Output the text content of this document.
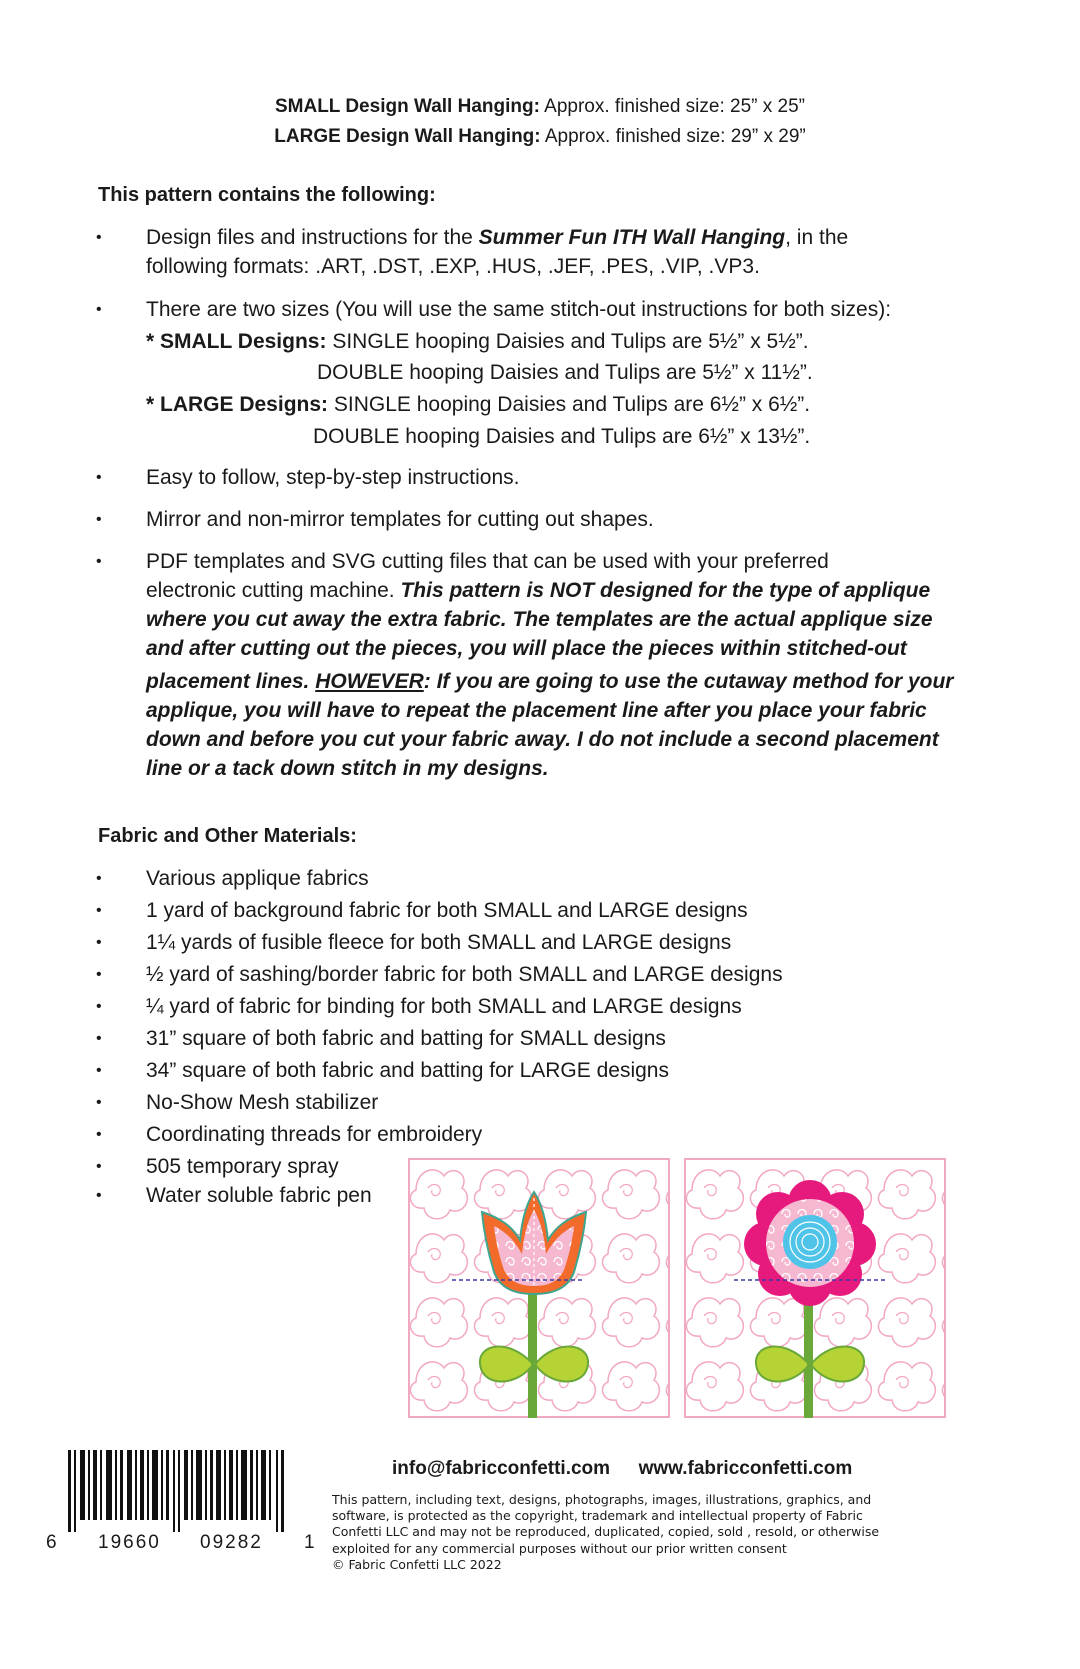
SMALL Design Wall Hanging: Approx. finished size: 25” x 25”
LARGE Design Wall Hanging: Approx. finished size: 29” x 29”
This pattern contains the following:
• Design files and instructions for the Summer Fun ITH Wall Hanging, in the
following formats: .ART, .DST, .EXP, .HUS, .JEF, .PES, .VIP, .VP3.
• There are two sizes (You will use the same stitch-out instructions for both sizes):
* SMALL Designs: SINGLE hooping Daisies and Tulips are 5½” x 5½”.
DOUBLE hooping Daisies and Tulips are 5½” x 11½”.
* LARGE Designs: SINGLE hooping Daisies and Tulips are 6½” x 6½”.
DOUBLE hooping Daisies and Tulips are 6½” x 13½”.
• Easy to follow, step-by-step instructions.
• Mirror and non-mirror templates for cutting out shapes.
• PDF templates and SVG cutting files that can be used with your preferred
electronic cutting machine. This pattern is NOT designed for the type of applique
where you cut away the extra fabric. The templates are the actual applique size
and after cutting out the pieces, you will place the pieces within stitched-out
placement lines. HOWEVER: If you are going to use the cutaway method for your
applique, you will have to repeat the placement line after you place your fabric
down and before you cut your fabric away. I do not include a second placement
line or a tack down stitch in my designs.
Fabric and Other Materials:
• Various applique fabrics
• 1 yard of background fabric for both SMALL and LARGE designs
• 1¼ yards of fusible fleece for both SMALL and LARGE designs
• ½ yard of sashing/border fabric for both SMALL and LARGE designs
• ¼ yard of fabric for binding for both SMALL and LARGE designs
• 31” square of both fabric and batting for SMALL designs
• 34” square of both fabric and batting for LARGE designs
• No-Show Mesh stabilizer
• Coordinating threads for embroidery
• 505 temporary spray
• Water soluble fabric pen
6 19660 09282 1
info@fabricconfetti.com www.fabricconfetti.com
This pattern, including text, designs, photographs, images, illustrations, graphics, and
software, is protected as the copyright, trademark and intellectual property of Fabric
Confetti LLC and may not be reproduced, duplicated, copied, sold , resold, or otherwise
exploited for any commercial purposes without our prior written consent
© Fabric Confetti LLC 2022
